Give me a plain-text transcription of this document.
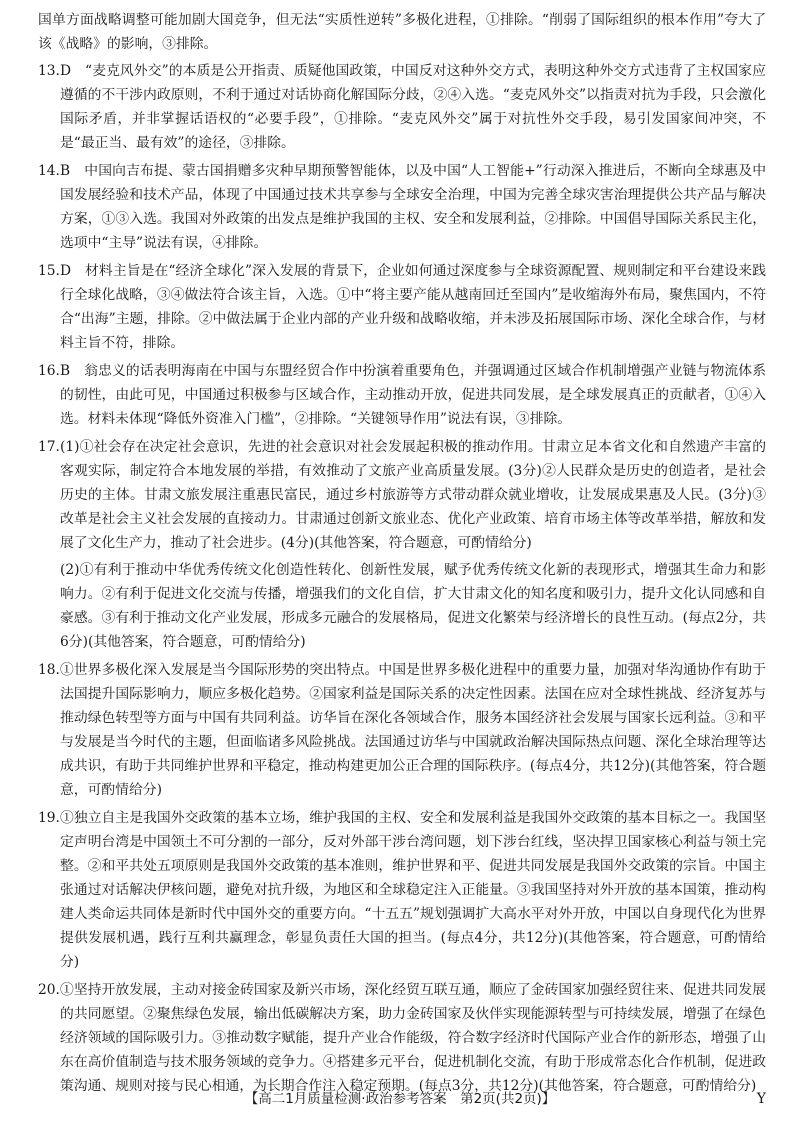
国单方面战略调整可能加剧大国竞争，但无法“实质性逆转”多极化进程，①排除。“削弱了国际组织的根本作用”夸大了该《战略》的影响，③排除。

13. D　“麦克风外交”的本质是公开指责、质疑他国政策，中国反对这种外交方式，表明这种外交方式违背了主权国家应遵循的不干涉内政原则，不利于通过对话协商化解国际分歧，②④入选。“麦克风外交”以指责对抗为手段，只会激化国际矛盾，并非掌握话语权的“必要手段”，①排除。“麦克风外交”属于对抗性外交手段，易引发国家间冲突，不是“最正当、最有效”的途径，③排除。
14. B　中国向吉布提、蒙古国捐赠多灾种早期预警智能体，以及中国“人工智能+”行动深入推进后，不断向全球惠及中国发展经验和技术产品，体现了中国通过技术共享参与全球安全治理，中国为完善全球灾害治理提供公共产品与解决方案，①③入选。我国对外政策的出发点是维护我国的主权、安全和发展利益，②排除。中国倡导国际关系民主化，选项中“主导”说法有误，④排除。
15. D　材料主旨是在“经济全球化”深入发展的背景下，企业如何通过深度参与全球资源配置、规则制定和平台建设来践行全球化战略，③④做法符合该主旨，入选。①中“将主要产能从越南回迁至国内”是收缩海外布局，聚焦国内，不符合“出海”主题，排除。②中做法属于企业内部的产业升级和战略收缩，并未涉及拓展国际市场、深化全球合作，与材料主旨不符，排除。
16. B　翁忠义的话表明海南在中国与东盟经贸合作中扮演着重要角色，并强调通过区域合作机制增强产业链与物流体系的韧性，由此可见，中国通过积极参与区域合作，主动推动开放，促进共同发展，是全球发展真正的贡献者，①④入选。材料未体现“降低外资准入门槛”，②排除。“关键领导作用”说法有误，③排除。
17. (1)①社会存在决定社会意识，先进的社会意识对社会发展起积极的推动作用。甘肃立足本省文化和自然遗产丰富的客观实际，制定符合本地发展的举措，有效推动了文旅产业高质量发展。(3分)②人民群众是历史的创造者，是社会历史的主体。甘肃文旅发展注重惠民富民，通过乡村旅游等方式带动群众就业增收，让发展成果惠及人民。(3分)③改革是社会主义社会发展的直接动力。甘肃通过创新文旅业态、优化产业政策、培育市场主体等改革举措，解放和发展了文化生产力，推动了社会进步。(4分)(其他答案，符合题意，可酌情给分)
(2)①有利于推动中华优秀传统文化创造性转化、创新性发展，赋予优秀传统文化新的表现形式，增强其生命力和影响力。②有利于促进文化交流与传播，增强我们的文化自信，扩大甘肃文化的知名度和吸引力，提升文化认同感和自豪感。③有利于推动文化产业发展，形成多元融合的发展格局，促进文化繁荣与经济增长的良性互动。(每点2分，共6分)(其他答案，符合题意，可酌情给分)
18. ①世界多极化深入发展是当今国际形势的突出特点。中国是世界多极化进程中的重要力量，加强对华沟通协作有助于法国提升国际影响力，顺应多极化趋势。②国家利益是国际关系的决定性因素。法国在应对全球性挑战、经济复苏与推动绿色转型等方面与中国有共同利益。访华旨在深化各领域合作，服务本国经济社会发展与国家长远利益。③和平与发展是当今时代的主题，但面临诸多风险挑战。法国通过访华与中国就政治解决国际热点问题、深化全球治理等达成共识，有助于共同维护世界和平稳定，推动构建更加公正合理的国际秩序。(每点4分，共12分)(其他答案，符合题意，可酌情给分)
19. ①独立自主是我国外交政策的基本立场，维护我国的主权、安全和发展利益是我国外交政策的基本目标之一。我国坚定声明台湾是中国领土不可分割的一部分，反对外部干涉台湾问题，划下涉台红线，坚决捍卫国家核心利益与领土完整。②和平共处五项原则是我国外交政策的基本准则，维护世界和平、促进共同发展是我国外交政策的宗旨。中国主张通过对话解决伊核问题，避免对抗升级，为地区和全球稳定注入正能量。③我国坚持对外开放的基本国策，推动构建人类命运共同体是新时代中国外交的重要方向。“十五五”规划强调扩大高水平对外开放，中国以自身现代化为世界提供发展机遇，践行互利共赢理念，彰显负责任大国的担当。(每点4分，共12分)(其他答案，符合题意，可酌情给分)
20. ①坚持开放发展，主动对接金砖国家及新兴市场，深化经贸互联互通，顺应了金砖国家加强经贸往来、促进共同发展的共同愿望。②聚焦绿色发展，输出低碳解决方案，助力金砖国家及伙伴实现能源转型与可持续发展，增强了在绿色经济领域的国际吸引力。③推动数字赋能，提升产业合作能级，符合数字经济时代国际产业合作的新形态，增强了山东在高价值制造与技术服务领域的竞争力。④搭建多元平台，促进机制化交流，有助于形成常态化合作机制，促进政策沟通、规则对接与民心相通，为长期合作注入稳定预期。(每点3分，共12分)(其他答案，符合题意，可酌情给分)
【高二1月质量检测·政治参考答案　第2页(共2页)】	Y
